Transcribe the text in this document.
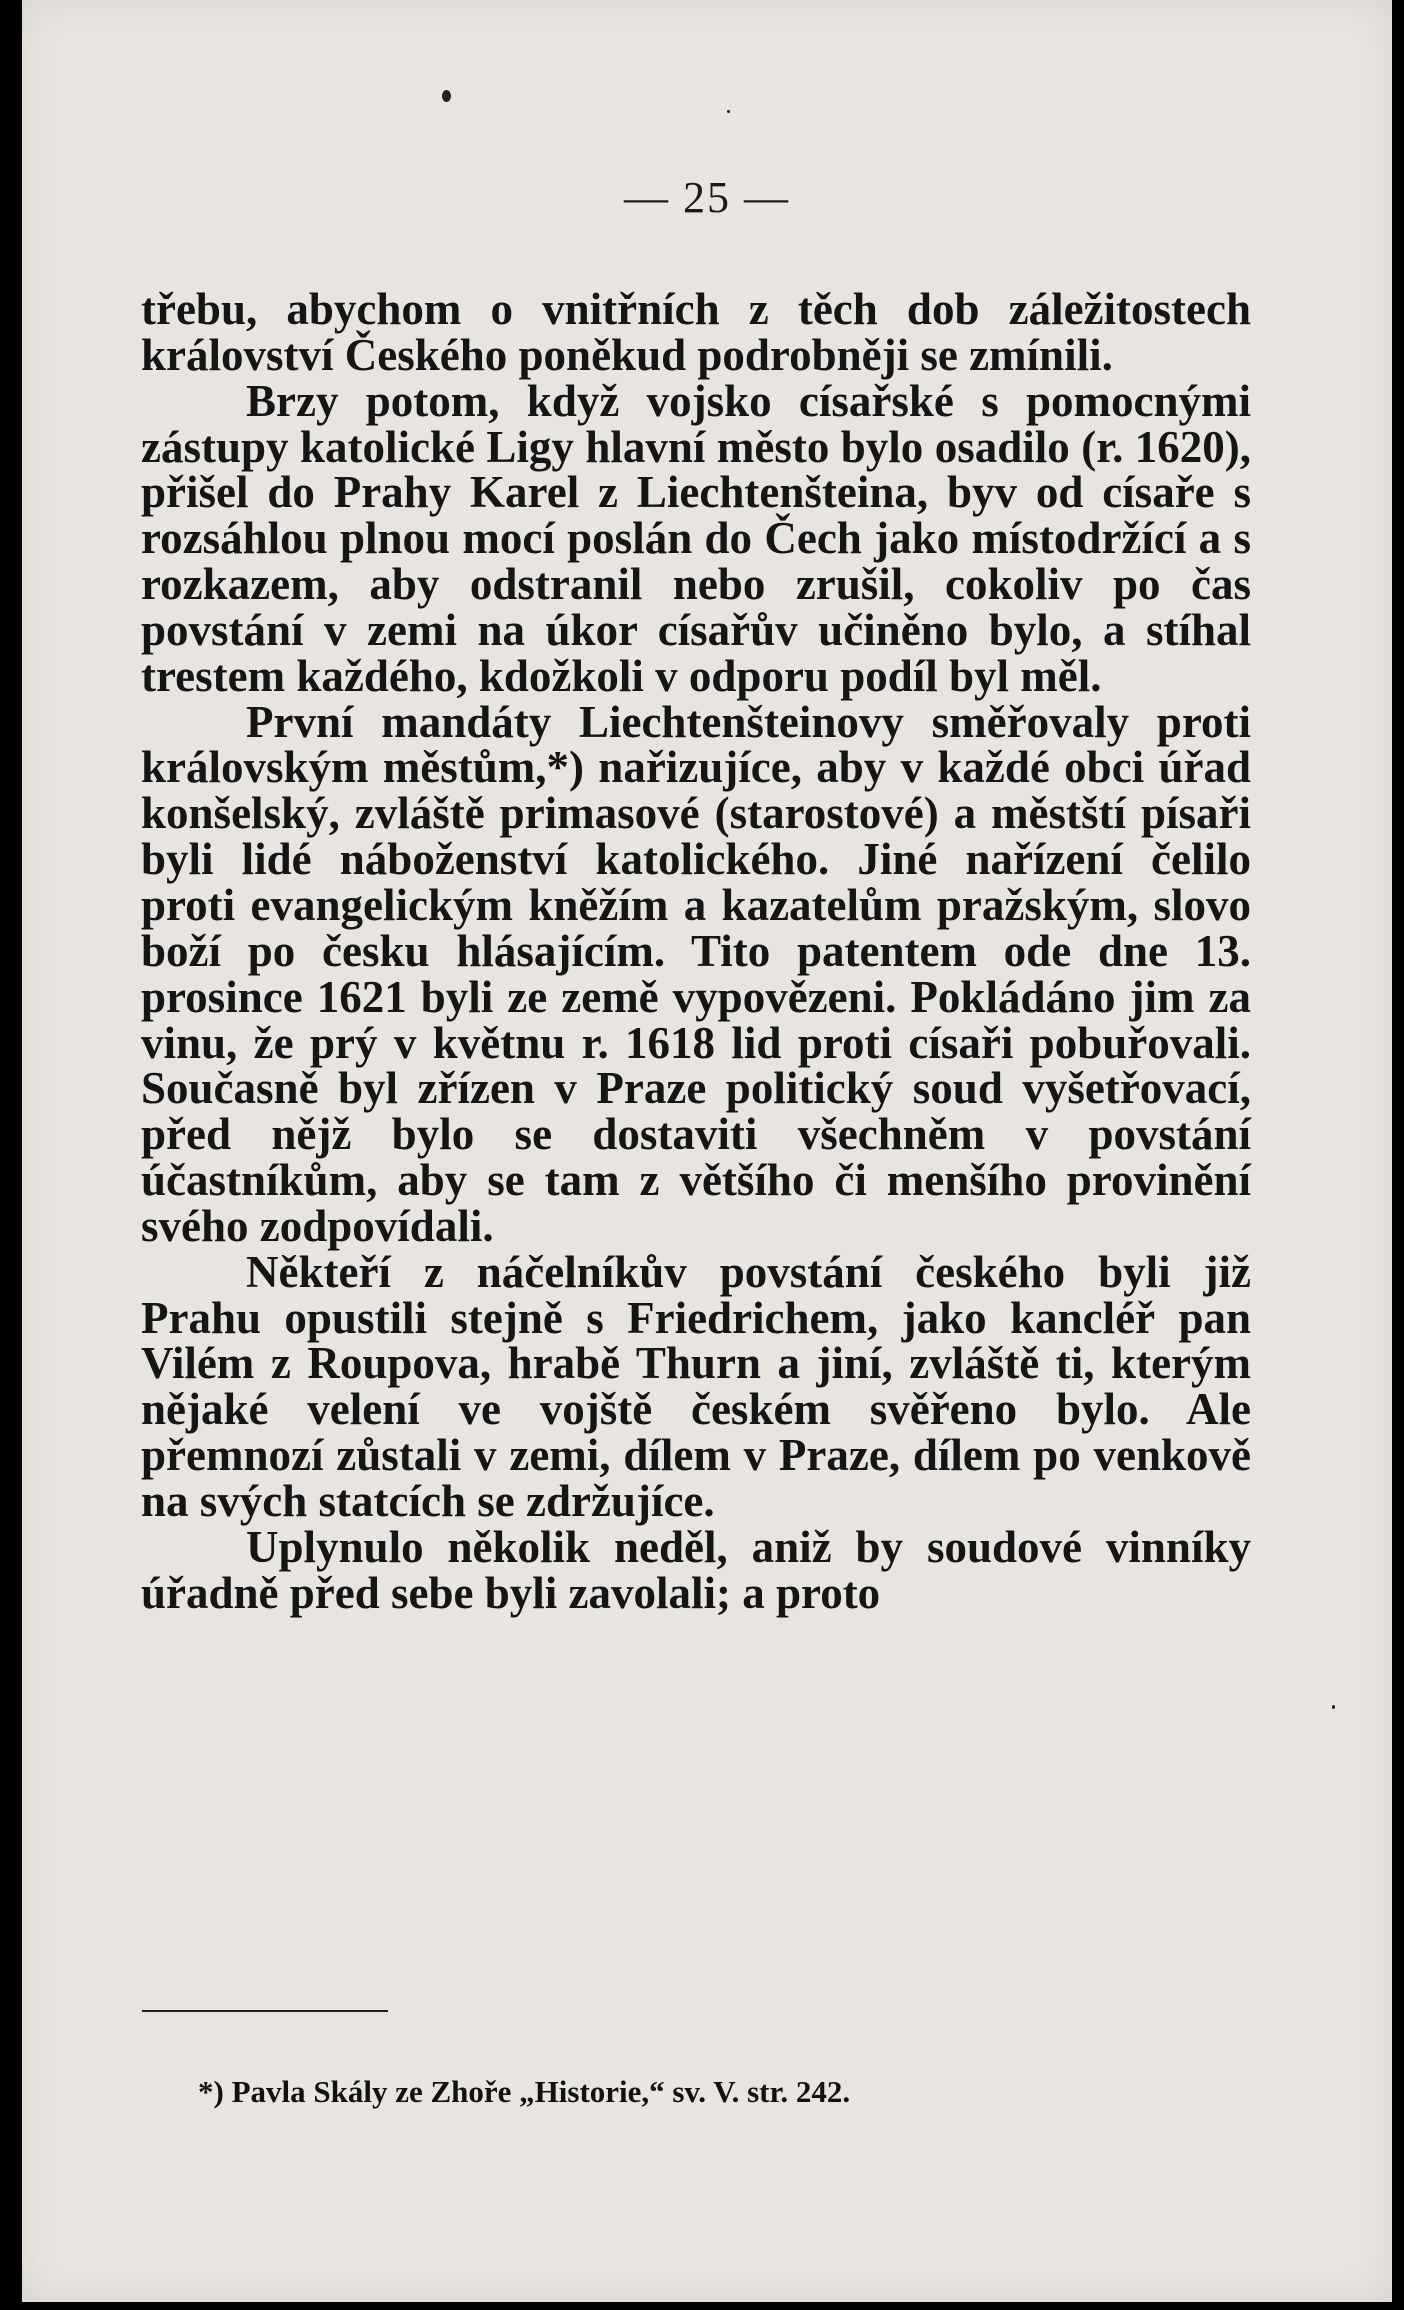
— 25 —

třebu, abychom o vnitřních z těch dob záležitostech království Českého poněkud podrobněji se zmínili.

Brzy potom, když vojsko císařské s pomocnými zástupy katolické Ligy hlavní město bylo osadilo (r. 1620), přišel do Prahy Karel z Liechtenšteina, byv od císaře s rozsáhlou plnou mocí poslán do Čech jako místodržící a s rozkazem, aby odstranil nebo zrušil, cokoliv po čas povstání v zemi na úkor císařův učiněno bylo, a stíhal trestem každého, kdožkoli v odporu podíl byl měl.

První mandáty Liechtenšteinovy směřovaly proti královským městům,*) nařizujíce, aby v každé obci úřad konšelský, zvláště primasové (starostové) a městští písaři byli lidé náboženství katolického. Jiné nařízení čelilo proti evangelickým kněžím a kazatelům pražským, slovo boží po česku hlásajícím. Tito patentem ode dne 13. prosince 1621 byli ze země vypovězeni. Pokládáno jim za vinu, že prý v květnu r. 1618 lid proti císaři pobuřovali. Současně byl zřízen v Praze politický soud vyšetřovací, před nějž bylo se dostaviti všechněm v povstání účastníkům, aby se tam z většího či menšího provinění svého zodpovídali.

Někteří z náčelníkův povstání českého byli již Prahu opustili stejně s Friedrichem, jako kancléř pan Vilém z Roupova, hrabě Thurn a jiní, zvláště ti, kterým nějaké velení ve vojště českém svěřeno bylo. Ale přemnozí zůstali v zemi, dílem v Praze, dílem po venkově na svých statcích se zdržujíce.

Uplynulo několik neděl, aniž by soudové vinníky úřadně před sebe byli zavolali; a proto

*) Pavla Skály ze Zhoře „Historie,“ sv. V. str. 242.
